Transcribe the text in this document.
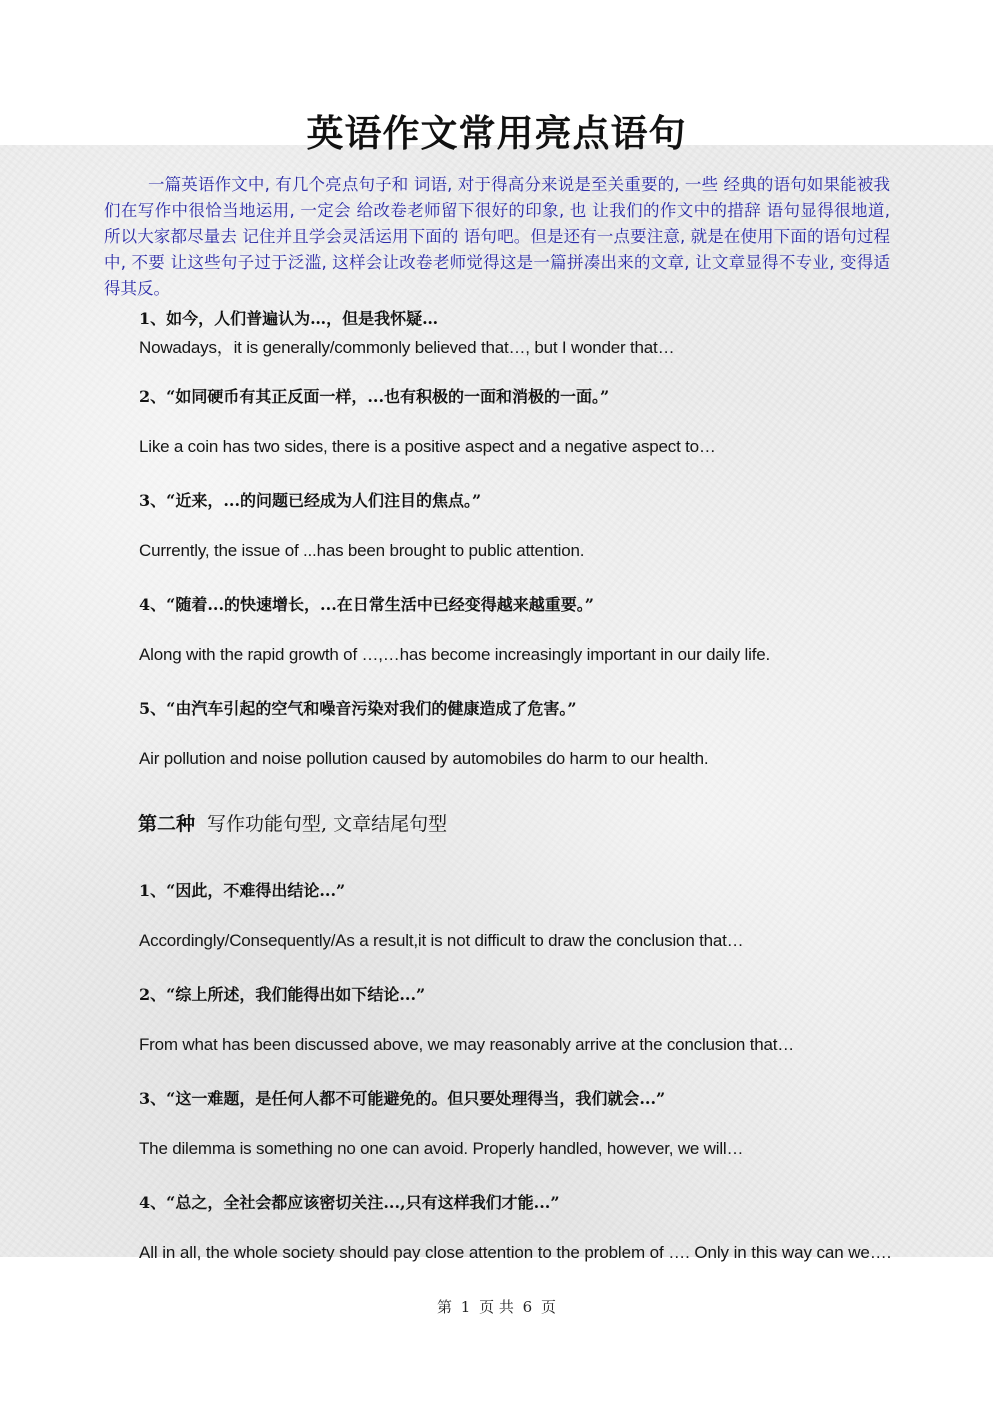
英语作文常用亮点语句

一篇英语作文中, 有几个亮点句子和 词语, 对于得高分来说是至关重要的, 一些 经典的语句如果能被我们在写作中很恰当地运用, 一定会 给改卷老师留下很好的印象, 也 让我们的作文中的措辞 语句显得很地道, 所以大家都尽量去 记住并且学会灵活运用下面的 语句吧。但是还有一点要注意, 就是在使用下面的语句过程中, 不要 让这些句子过于泛滥, 这样会让改卷老师觉得这是一篇拼凑出来的文章, 让文章显得不专业, 变得适得其反。

1、如今，人们普遍认为…，但是我怀疑…

Nowadays，it is generally/commonly believed that…, but I wonder that…

2、“如同硬币有其正反面一样，...也有积极的一面和消极的一面。”

Like a coin has two sides, there is a positive aspect and a negative aspect to…

3、“近来，...的问题已经成为人们注目的焦点。”

Currently, the issue of ...has been brought to public attention.

4、“随着...的快速增长，...在日常生活中已经变得越来越重要。”

Along with the rapid growth of …,…has become increasingly important in our daily life.

5、“由汽车引起的空气和噪音污染对我们的健康造成了危害。”

Air pollution and noise pollution caused by automobiles do harm to our health.

第二种 写作功能句型, 文章结尾句型

1、“因此，不难得出结论...”

Accordingly/Consequently/As a result,it is not difficult to draw the conclusion that…

2、“综上所述，我们能得出如下结论...”

From what has been discussed above, we may reasonably arrive at the conclusion that…

3、“这一难题，是任何人都不可能避免的。但只要处理得当，我们就会...”

The dilemma is something no one can avoid. Properly handled, however, we will…

4、“总之，全社会都应该密切关注...,只有这样我们才能...”

All in all, the whole society should pay close attention to the problem of …. Only in this way can we….

第 1 页 共 6 页
